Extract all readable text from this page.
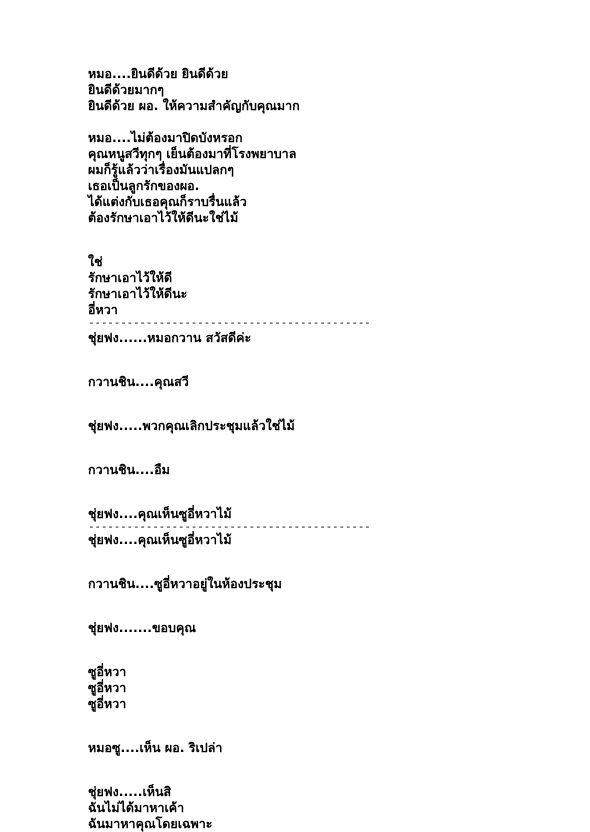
หมอ....ยินดีด้วย ยินดีด้วย
ยินดีด้วยมากๆ
ยินดีด้วย ผอ. ให้ความสำคัญกับคุณมาก
หมอ....ไม่ต้องมาปิดบังหรอก
คุณหนูสวีทุกๆ เย็นต้องมาที่โรงพยาบาล
ผมก็รู้แล้วว่าเรื่องมันแปลกๆ
เธอเป็นลูกรักของผอ.
ได้แต่งกับเธอคุณก็ราบรื่นแล้ว
ต้องรักษาเอาไว้ให้ดีนะใช่ไม้
ใช่
รักษาเอาไว้ให้ดี
รักษาเอาไว้ให้ดีนะ
อี่หวา
--------------------------------------------
ชุ่ยฟง......หมอกวาน สวัสดีค่ะ
กวานชิน....คุณสวี
ชุ่ยฟง.....พวกคุณเลิกประชุมแล้วใช่ไม้
กวานชิน....อืม
ชุ่ยฟง....คุณเห็นซูอี่หวาไม้
--------------------------------------------
ชุ่ยฟง....คุณเห็นซูอี่หวาไม้
กวานชิน....ซูอี่หวาอยู่ในห้องประชุม
ชุ่ยฟง.......ขอบคุณ
ซูอี่หวา
ซูอี่หวา
ซูอี่หวา
หมอซู....เห็น ผอ. ริเปล่า
ชุ่ยฟง.....เห็นสิ
ฉันไม่ได้มาหาเค้า
ฉันมาหาคุณโดยเฉพาะ
